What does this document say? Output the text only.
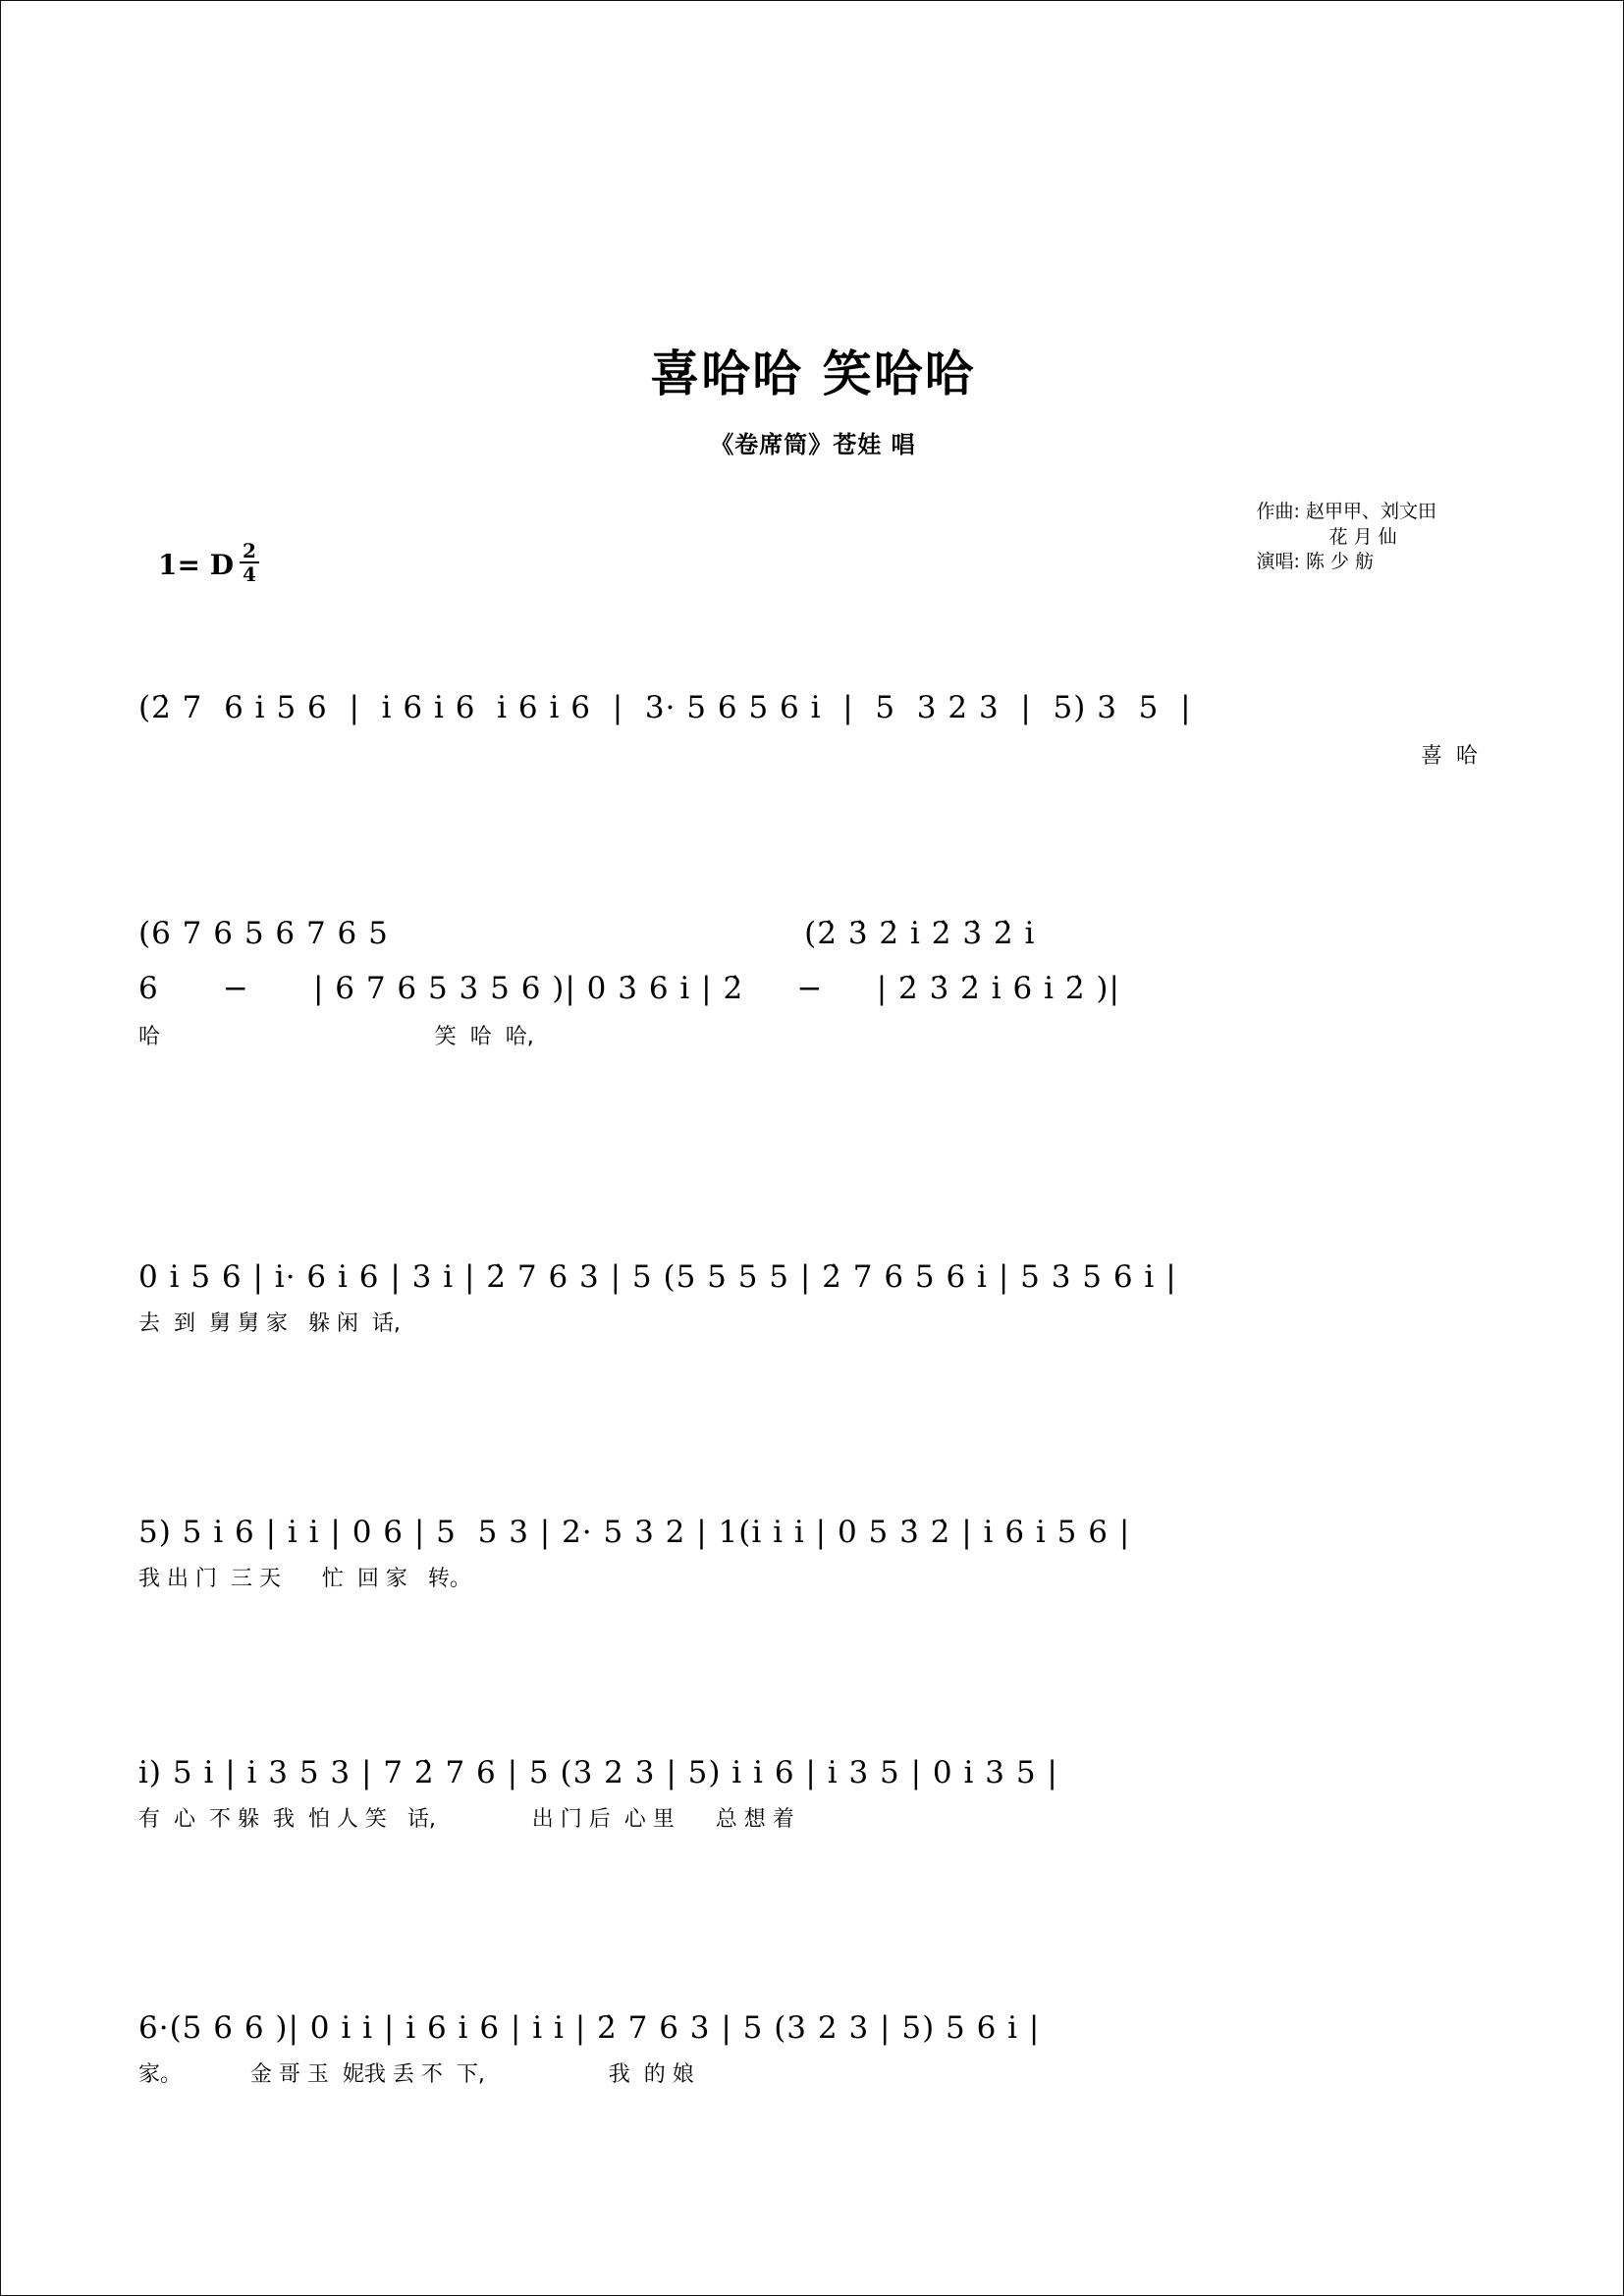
喜哈哈 笑哈哈
《卷席筒》苍娃 唱
作曲: 赵甲甲、刘文田
花 月 仙
演唱: 陈 少 舫
1= D $\frac{2}{4}$
(2̇ 7  6 i 5 6  |  i 6 i 6  i 6 i 6  |  3· 5 6 5 6 i  |  5  3 2 3  |  5) 3  5  |
喜  哈
(6 7 6 5 6 7 6 5                                       (2̇ 3̇ 2̇ i 2̇ 3̇ 2̇ i
6      −      | 6 7 6 5 3 5 6 )| 0 3̇ 6 i | 2̇     −     | 2̇ 3̇ 2̇ i 6 i 2̇ )|
哈                                        笑  哈  哈,
0 i 5 6 | i· 6 i 6 | 3 i | 2̇ 7 6 3 | 5 (5 5 5 5 | 2̇ 7 6 5 6 i | 5 3 5 6 i |
去  到  舅 舅 家   躲 闲  话,
5) 5 i 6 | i i | 0 6 | 5  5 3 | 2· 5 3 2 | 1(i i i | 0 5 3̇ 2̇ | i 6 i 5 6 |
我 出 门  三 天      忙  回 家   转。
i) 5 i | i 3 5 3 | 7 2̇ 7 6 | 5 (3 2 3 | 5) i i 6 | i 3 5 | 0 i 3 5 |
有  心  不 躲  我  怕 人 笑   话,              出 门 后  心 里      总 想 着
6·(5 6 6 )| 0 i i | i 6 i 6 | i i | 2̇ 7 6 3 | 5 (3 2 3 | 5) 5 6 i |
家。          金 哥 玉  妮我 丢 不  下,                  我  的 娘
